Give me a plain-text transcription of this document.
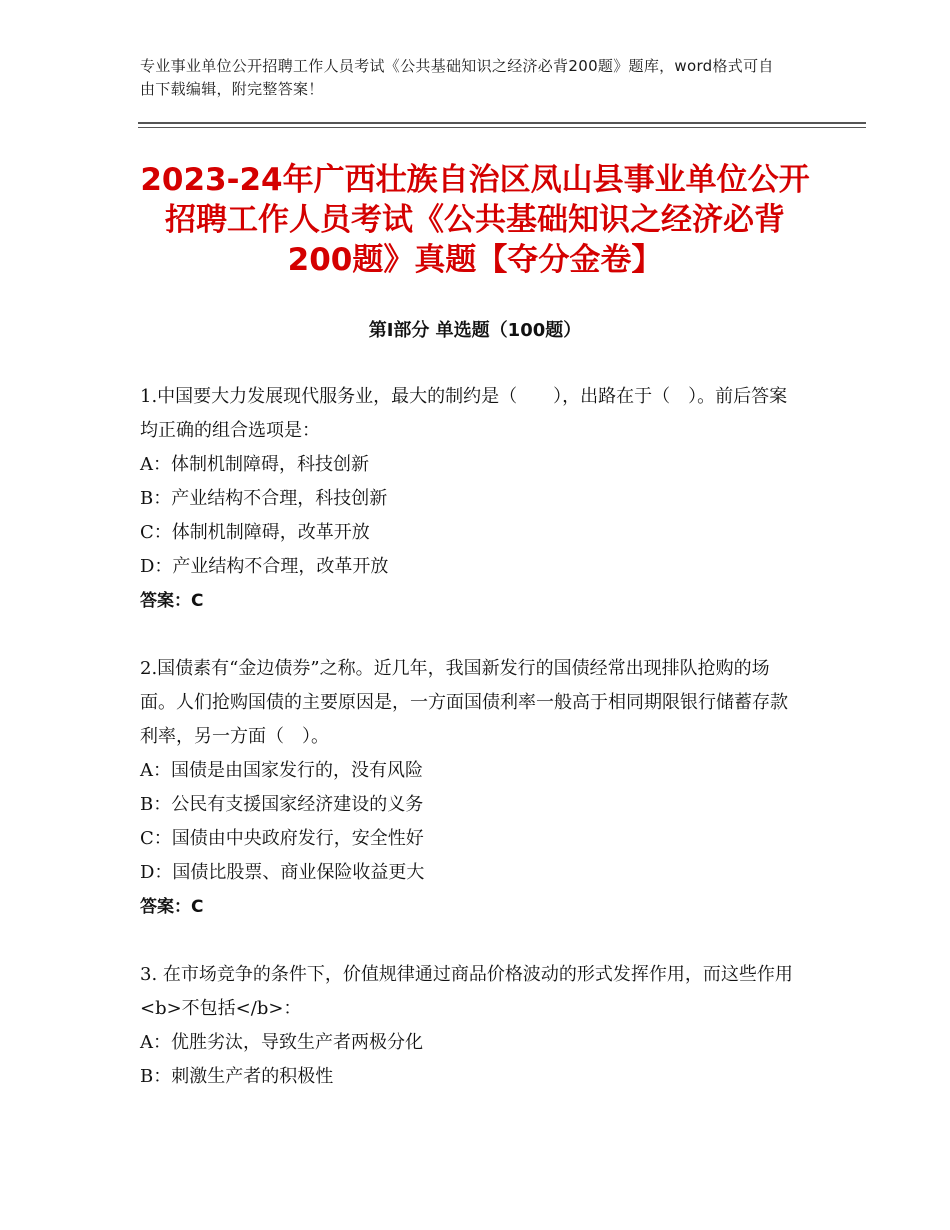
专业事业单位公开招聘工作人员考试《公共基础知识之经济必背200题》题库，word格式可自由下载编辑，附完整答案！
2023-24年广西壮族自治区凤山县事业单位公开招聘工作人员考试《公共基础知识之经济必背200题》真题【夺分金卷】
第Ⅰ部分 单选题（100题）

1.中国要大力发展现代服务业，最大的制约是（　　），出路在于（　）。前后答案均正确的组合选项是：

A：体制机制障碍，科技创新

B：产业结构不合理，科技创新

C：体制机制障碍，改革开放

D：产业结构不合理，改革开放

答案：C

2.国债素有“金边债券”之称。近几年，我国新发行的国债经常出现排队抢购的场面。人们抢购国债的主要原因是，一方面国债利率一般高于相同期限银行储蓄存款利率，另一方面（　）。

A：国债是由国家发行的，没有风险

B：公民有支援国家经济建设的义务

C：国债由中央政府发行，安全性好

D：国债比股票、商业保险收益更大

答案：C

3. 在市场竞争的条件下，价值规律通过商品价格波动的形式发挥作用，而这些作用<b>不包括</b>：

A：优胜劣汰，导致生产者两极分化

B：刺激生产者的积极性
